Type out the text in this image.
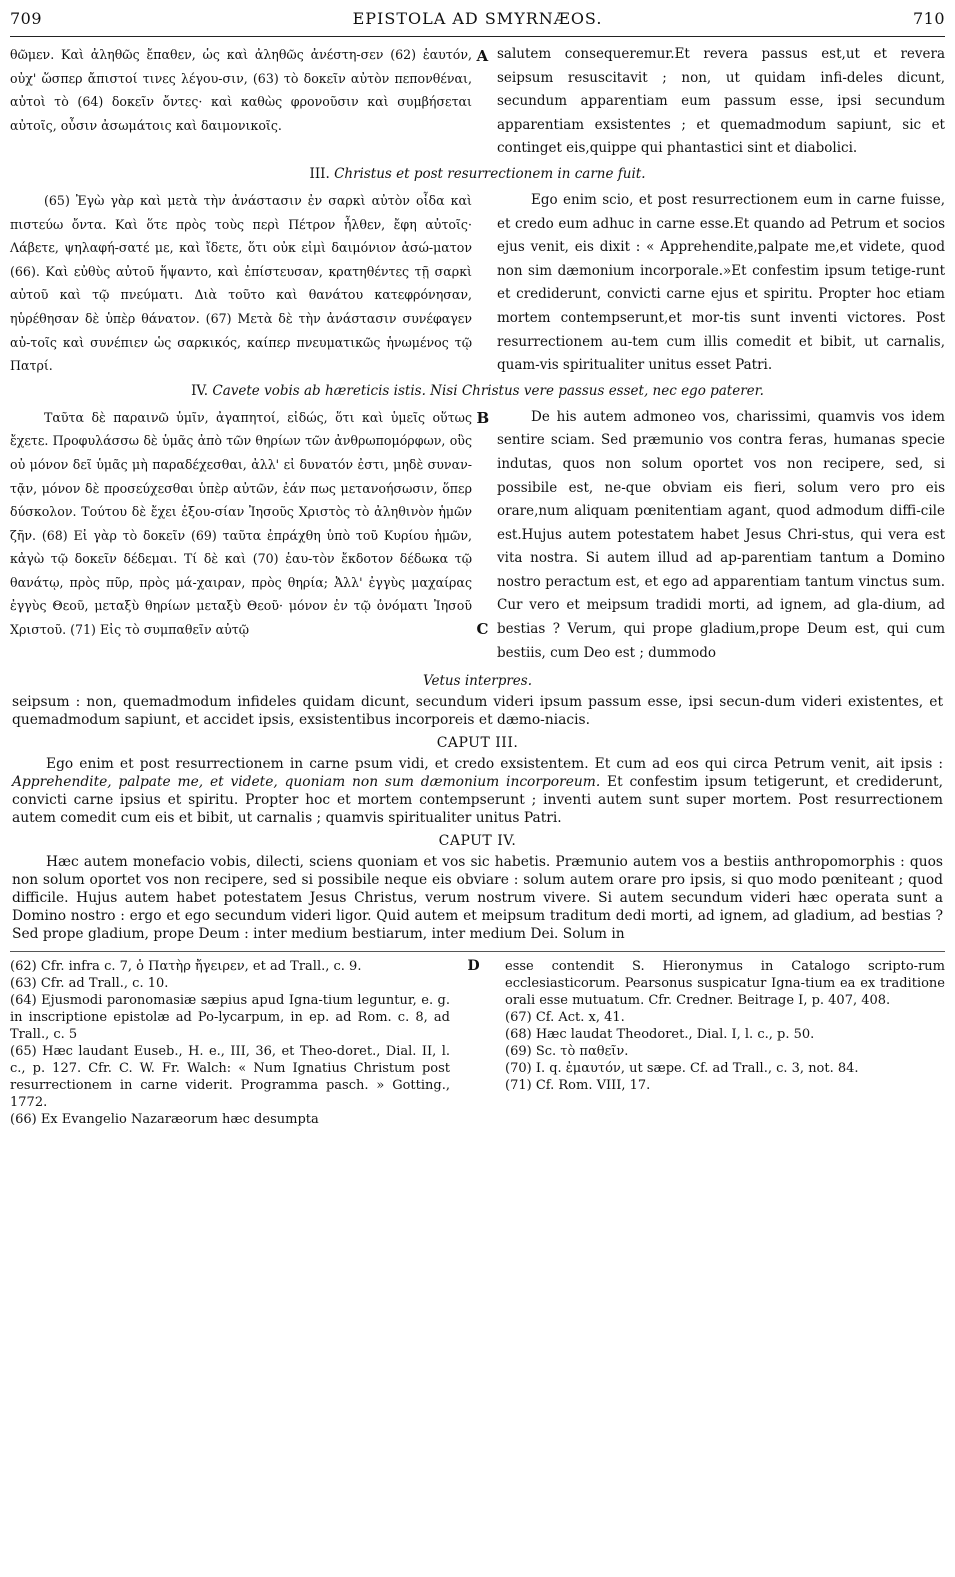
709	EPISTOLA AD SMYRNÆOS.	710

θῶμεν. Καὶ ἀληθῶς ἔπαθεν, ὡς καὶ ἀληθῶς ἀνέστη-σεν (62) ἑαυτόν, οὐχ' ὥσπερ ἄπιστοί τινες λέγου-σιν, (63) τὸ δοκεῖν αὐτὸν πεπονθέναι, αὐτοὶ τὸ (64) δοκεῖν ὄντες· καὶ καθὼς φρονοῦσιν καὶ συμβήσεται αὐτοῖς, οὖσιν ἀσωμάτοις καὶ δαιμονικοῖς.

A salutem consequeremur.Et revera passus est,ut et revera seipsum resuscitavit ; non, ut quidam infi-deles dicunt, secundum apparentiam eum passum esse, ipsi secundum apparentiam exsistentes ; et quemadmodum sapiunt, sic et continget eis,quippe qui phantastici sint et diabolici.

III. Christus et post resurrectionem in carne fuit.

(65) Ἐγὼ γὰρ καὶ μετὰ τὴν ἀνάστασιν ἐν σαρκὶ αὐτὸν οἶδα καὶ πιστεύω ὄντα. Καὶ ὅτε πρὸς τοὺς περὶ Πέτρον ἦλθεν, ἔφη αὐτοῖς· Λάβετε, ψηλαφή-σατέ με, καὶ ἴδετε, ὅτι οὐκ εἰμὶ δαιμόνιον ἀσώ-ματον (66). Καὶ εὐθὺς αὐτοῦ ἥψαντο, καὶ ἐπίστευσαν, κρατηθέντες τῇ σαρκὶ αὐτοῦ καὶ τῷ πνεύματι. Διὰ τοῦτο καὶ θανάτου κατεφρόνησαν, ηὑρέθησαν δὲ ὑπὲρ θάνατον. (67) Μετὰ δὲ τὴν ἀνάστασιν συνέφαγεν αὐ-τοῖς καὶ συνέπιεν ὡς σαρκικός, καίπερ πνευματικῶς ἡνωμένος τῷ Πατρί.

B

Ego enim scio, et post resurrectionem eum in carne fuisse, et credo eum adhuc in carne esse.Et quando ad Petrum et socios ejus venit, eis dixit : « Apprehendite,palpate me,et videte, quod non sim dæmonium incorporale.»Et confestim ipsum tetige-runt et crediderunt, convicti carne ejus et spiritu. Propter hoc etiam mortem contempserunt,et mor-tis sunt inventi victores. Post resurrectionem au-tem cum illis comedit et bibit, ut carnalis, quam-vis spiritualiter unitus esset Patri.

IV. Cavete vobis ab hæreticis istis. Nisi Christus vere passus esset, nec ego paterer.

Ταῦτα δὲ παραινῶ ὑμῖν, ἀγαπητοί, εἰδώς, ὅτι καὶ ὑμεῖς οὕτως ἔχετε. Προφυλάσσω δὲ ὑμᾶς ἀπὸ τῶν θηρίων τῶν ἀνθρωπομόρφων, οὓς οὐ μόνον δεῖ ὑμᾶς μὴ παραδέχεσθαι, ἀλλ' εἰ δυνατόν ἐστι, μηδὲ συναν-τᾷν, μόνον δὲ προσεύχεσθαι ὑπὲρ αὐτῶν, ἐάν πως μετανοήσωσιν, ὅπερ δύσκολον. Τούτου δὲ ἔχει ἐξου-σίαν Ἰησοῦς Χριστὸς τὸ ἀληθινὸν ἡμῶν ζῆν. (68) Εἰ γὰρ τὸ δοκεῖν (69) ταῦτα ἐπράχθη ὑπὸ τοῦ Κυρίου ἡμῶν, κἀγὼ τῷ δοκεῖν δέδεμαι. Τί δὲ καὶ (70) ἑαυ-τὸν ἔκδοτον δέδωκα τῷ θανάτῳ, πρὸς πῦρ, πρὸς μά-χαιραν, πρὸς θηρία; Ἀλλ' ἐγγὺς μαχαίρας ἐγγὺς Θεοῦ, μεταξὺ θηρίων μεταξὺ Θεοῦ· μόνον ἐν τῷ ὀνόματι Ἰησοῦ Χριστοῦ. (71) Εἰς τὸ συμπαθεῖν αὐτῷ	C

De his autem admoneo vos, charissimi, quamvis vos idem sentire sciam. Sed præmunio vos contra feras, humanas specie indutas, quos non solum oportet vos non recipere, sed, si possibile est, ne-que obviam eis fieri, solum vero pro eis orare,num aliquam pœnitentiam agant, quod admodum diffi-cile est.Hujus autem potestatem habet Jesus Chri-stus, qui vera est vita nostra. Si autem illud ad ap-parentiam tantum a Domino nostro peractum est, et ego ad apparentiam tantum vinctus sum. Cur vero et meipsum tradidi morti, ad ignem, ad gla-dium, ad bestias ? Verum, qui prope gladium,prope Deum est, qui cum bestiis, cum Deo est ; dummodo

Vetus interpres.

seipsum : non, quemadmodum infideles quidam dicunt, secundum videri ipsum passum esse, ipsi secun-dum videri existentes, et quemadmodum sapiunt, et accidet ipsis, exsistentibus incorporeis et dæmo-niacis.

CAPUT III.

Ego enim et post resurrectionem in carne psum vidi, et credo exsistentem. Et cum ad eos qui circa Petrum venit, ait ipsis : Apprehendite, palpate me, et videte, quoniam non sum dæmonium incorporeum. Et confestim ipsum tetigerunt, et crediderunt, convicti carne ipsius et spiritu. Propter hoc et mortem contempserunt ; inventi autem sunt super mortem. Post resurrectionem autem comedit cum eis et bibit, ut carnalis ; quamvis spiritualiter unitus Patri.

CAPUT IV.

Hæc autem monefacio vobis, dilecti, sciens quoniam et vos sic habetis. Præmunio autem vos a bestiis anthropomorphis : quos non solum oportet vos non recipere, sed si possibile neque eis obviare : solum autem orare pro ipsis, si quo modo pœniteant ; quod difficile. Hujus autem habet potestatem Jesus Christus, verum nostrum vivere. Si autem secundum videri hæc operata sunt a Domino nostro : ergo et ego secundum videri ligor. Quid autem et meipsum traditum dedi morti, ad ignem, ad gladium, ad bestias ? Sed prope gladium, prope Deum : inter medium bestiarum, inter medium Dei. Solum in

(62) Cfr. infra c. 7, ὁ Πατὴρ ἤγειρεν, et ad Trall., c. 9.

(63) Cfr. ad Trall., c. 10.

(64) Ejusmodi paronomasiæ sæpius apud Igna-tium leguntur, e. g. in inscriptione epistolæ ad Po-lycarpum, in ep. ad Rom. c. 8, ad Trall., c. 5

(65) Hæc laudant Euseb., H. e., III, 36, et Theo-doret., Dial. II, l. c., p. 127. Cfr. C. W. Fr. Walch: « Num Ignatius Christum post resurrectionem in carne viderit. Programma pasch. » Gotting., 1772.

(66) Ex Evangelio Nazaræorum hæc desumpta

D	esse contendit S. Hieronymus in Catalogo scripto-rum ecclesiasticorum. Pearsonus suspicatur Igna-tium ea ex traditione orali esse mutuatum. Cfr. Credner. Beitrage I, p. 407, 408.

(67) Cf. Act. x, 41.

(68) Hæc laudat Theodoret., Dial. I, l. c., p. 50.

(69) Sc. τὸ παθεῖν.

(70) I. q. ἐμαυτόν, ut sæpe. Cf. ad Trall., c. 3, not. 84.

(71) Cf. Rom. VIII, 17.
